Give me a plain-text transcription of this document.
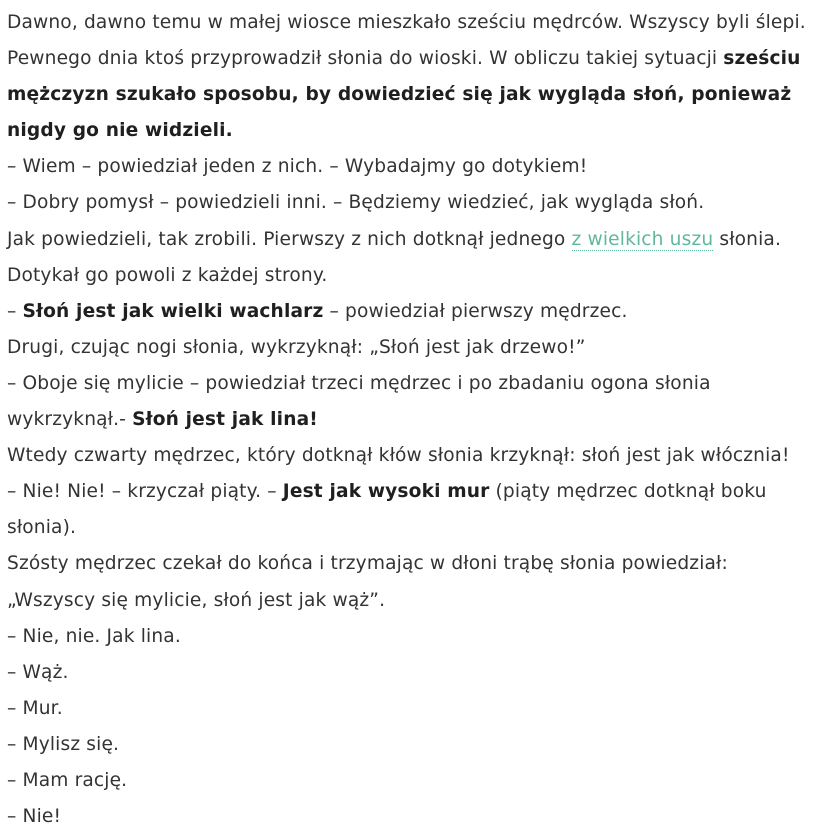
Dawno, dawno temu w małej wiosce mieszkało sześciu mędrców. Wszyscy byli ślepi. Pewnego dnia ktoś przyprowadził słonia do wioski. W obliczu takiej sytuacji sześciu mężczyzn szukało sposobu, by dowiedzieć się jak wygląda słoń, ponieważ nigdy go nie widzieli.

– Wiem – powiedział jeden z nich. – Wybadajmy go dotykiem!

– Dobry pomysł – powiedzieli inni. – Będziemy wiedzieć, jak wygląda słoń.

Jak powiedzieli, tak zrobili. Pierwszy z nich dotknął jednego z wielkich uszu słonia. Dotykał go powoli z każdej strony.

– Słoń jest jak wielki wachlarz – powiedział pierwszy mędrzec.

Drugi, czując nogi słonia, wykrzyknął: „Słoń jest jak drzewo!”

– Oboje się mylicie – powiedział trzeci mędrzec i po zbadaniu ogona słonia wykrzyknął.- Słoń jest jak lina!

Wtedy czwarty mędrzec, który dotknął kłów słonia krzyknął: słoń jest jak włócznia!

– Nie! Nie! – krzyczał piąty. – Jest jak wysoki mur (piąty mędrzec dotknął boku słonia).

Szósty mędrzec czekał do końca i trzymając w dłoni trąbę słonia powiedział: „Wszyscy się mylicie, słoń jest jak wąż”.

– Nie, nie. Jak lina.

– Wąż.

– Mur.

– Mylisz się.

– Mam rację.

– Nie!
